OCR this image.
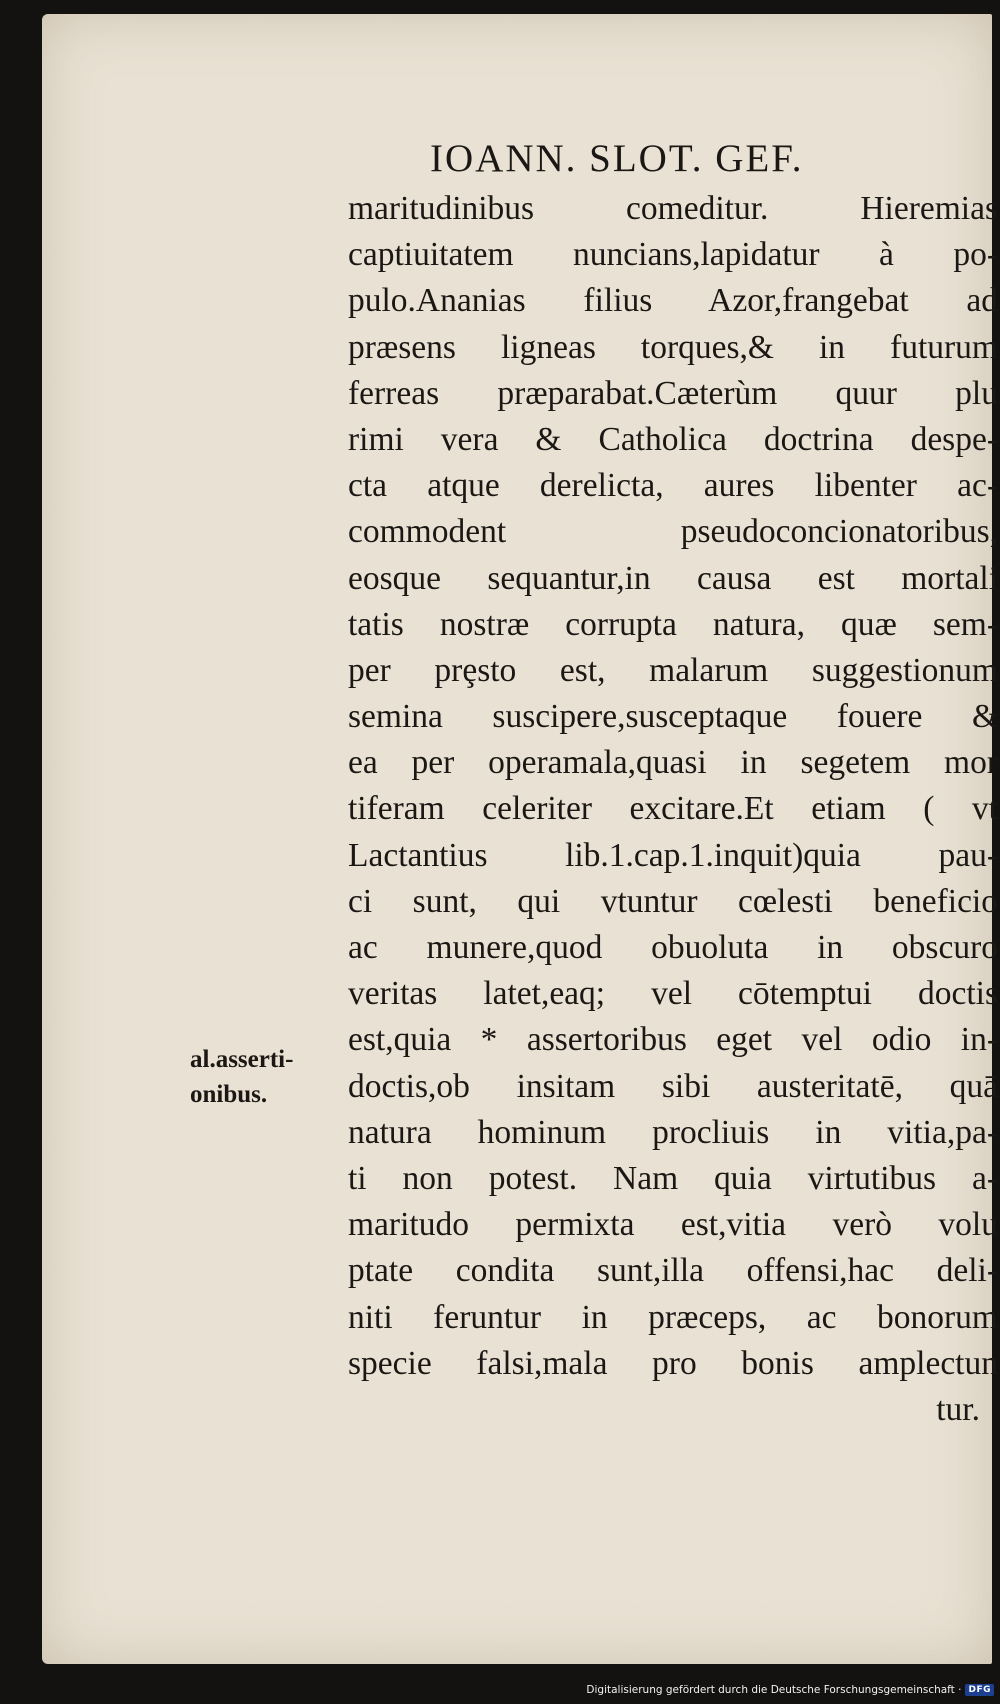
IOANN. SLOT. GEF.
maritudinibus comeditur. Hieremias
captiuitatem nuncians,lapidatur à po-
pulo.Ananias filius Azor,frangebat ad
præsens ligneas torques,& in futurum
ferreas præparabat.Cæterùm quur plu
rimi vera & Catholica doctrina despe-
cta atque derelicta, aures libenter ac-
commodent pseudoconcionatoribus,
eosque sequantur,in causa est mortali
tatis nostræ corrupta natura, quæ sem-
per prȩsto est, malarum suggestionum
semina suscipere,susceptaque fouere &
ea per operamala,quasi in segetem mor
tiferam celeriter excitare.Et etiam ( vt
Lactantius lib.1.cap.1.inquit)quia pau-
ci sunt, qui vtuntur cœlesti beneficio
ac munere,quod obuoluta in obscuro
veritas latet,eaq; vel cōtemptui doctis
est,quia * assertoribus eget vel odio in-
doctis,ob insitam sibi austeritatē, quā
natura hominum procliuis in vitia,pa-
ti non potest. Nam quia virtutibus a-
maritudo permixta est,vitia verò volu
ptate condita sunt,illa offensi,hac deli-
niti feruntur in præceps, ac bonorum
specie falsi,mala pro bonis amplectun
tur.
al.asserti-
onibus.
Digitalisierung gefördert durch die Deutsche Forschungsgemeinschaft · DFG
